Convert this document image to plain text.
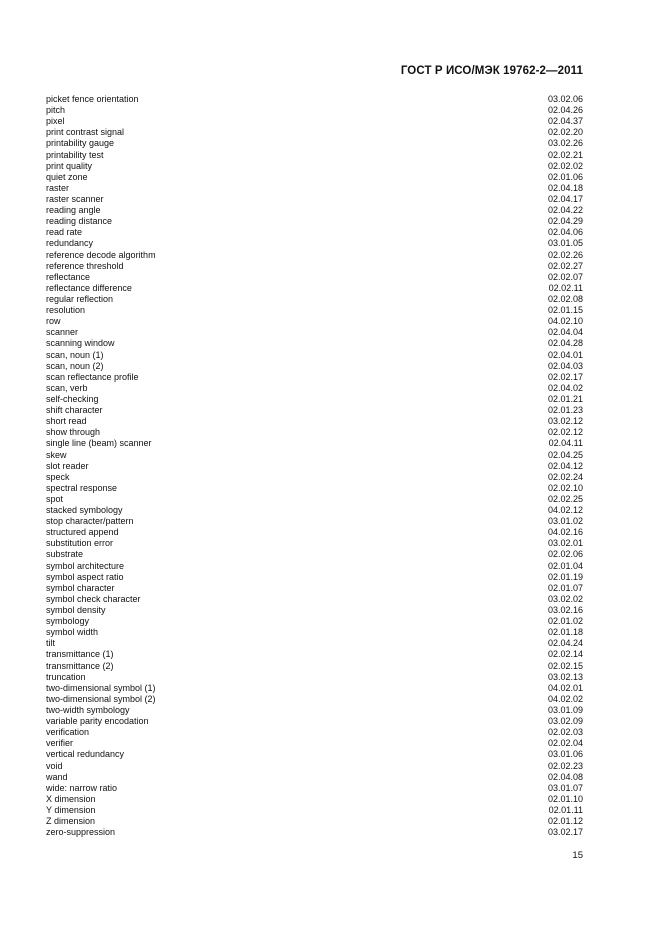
ГОСТ Р ИСО/МЭК 19762-2—2011
picket fence orientation	03.02.06
pitch	02.04.26
pixel	02.04.37
print contrast signal	02.02.20
printability gauge	03.02.26
printability test	02.02.21
print quality	02.02.02
quiet zone	02.01.06
raster	02.04.18
raster scanner	02.04.17
reading angle	02.04.22
reading distance	02.04.29
read rate	02.04.06
redundancy	03.01.05
reference decode algorithm	02.02.26
reference threshold	02.02.27
reflectance	02.02.07
reflectance difference	02.02.11
regular reflection	02.02.08
resolution	02.01.15
row	04.02.10
scanner	02.04.04
scanning window	02.04.28
scan, noun (1)	02.04.01
scan, noun (2)	02.04.03
scan reflectance profile	02.02.17
scan, verb	02.04.02
self-checking	02.01.21
shift character	02.01.23
short read	03.02.12
show through	02.02.12
single line (beam) scanner	02.04.11
skew	02.04.25
slot reader	02.04.12
speck	02.02.24
spectral response	02.02.10
spot	02.02.25
stacked symbology	04.02.12
stop character/pattern	03.01.02
structured append	04.02.16
substitution error	03.02.01
substrate	02.02.06
symbol architecture	02.01.04
symbol aspect ratio	02.01.19
symbol character	02.01.07
symbol check character	03.02.02
symbol density	03.02.16
symbology	02.01.02
symbol width	02.01.18
tilt	02.04.24
transmittance (1)	02.02.14
transmittance (2)	02.02.15
truncation	03.02.13
two-dimensional symbol (1)	04.02.01
two-dimensional symbol (2)	04.02.02
two-width symbology	03.01.09
variable parity encodation	03.02.09
verification	02.02.03
verifier	02.02.04
vertical redundancy	03.01.06
void	02.02.23
wand	02.04.08
wide: narrow ratio	03.01.07
X dimension	02.01.10
Y dimension	02.01.11
Z dimension	02.01.12
zero-suppression	03.02.17
15
